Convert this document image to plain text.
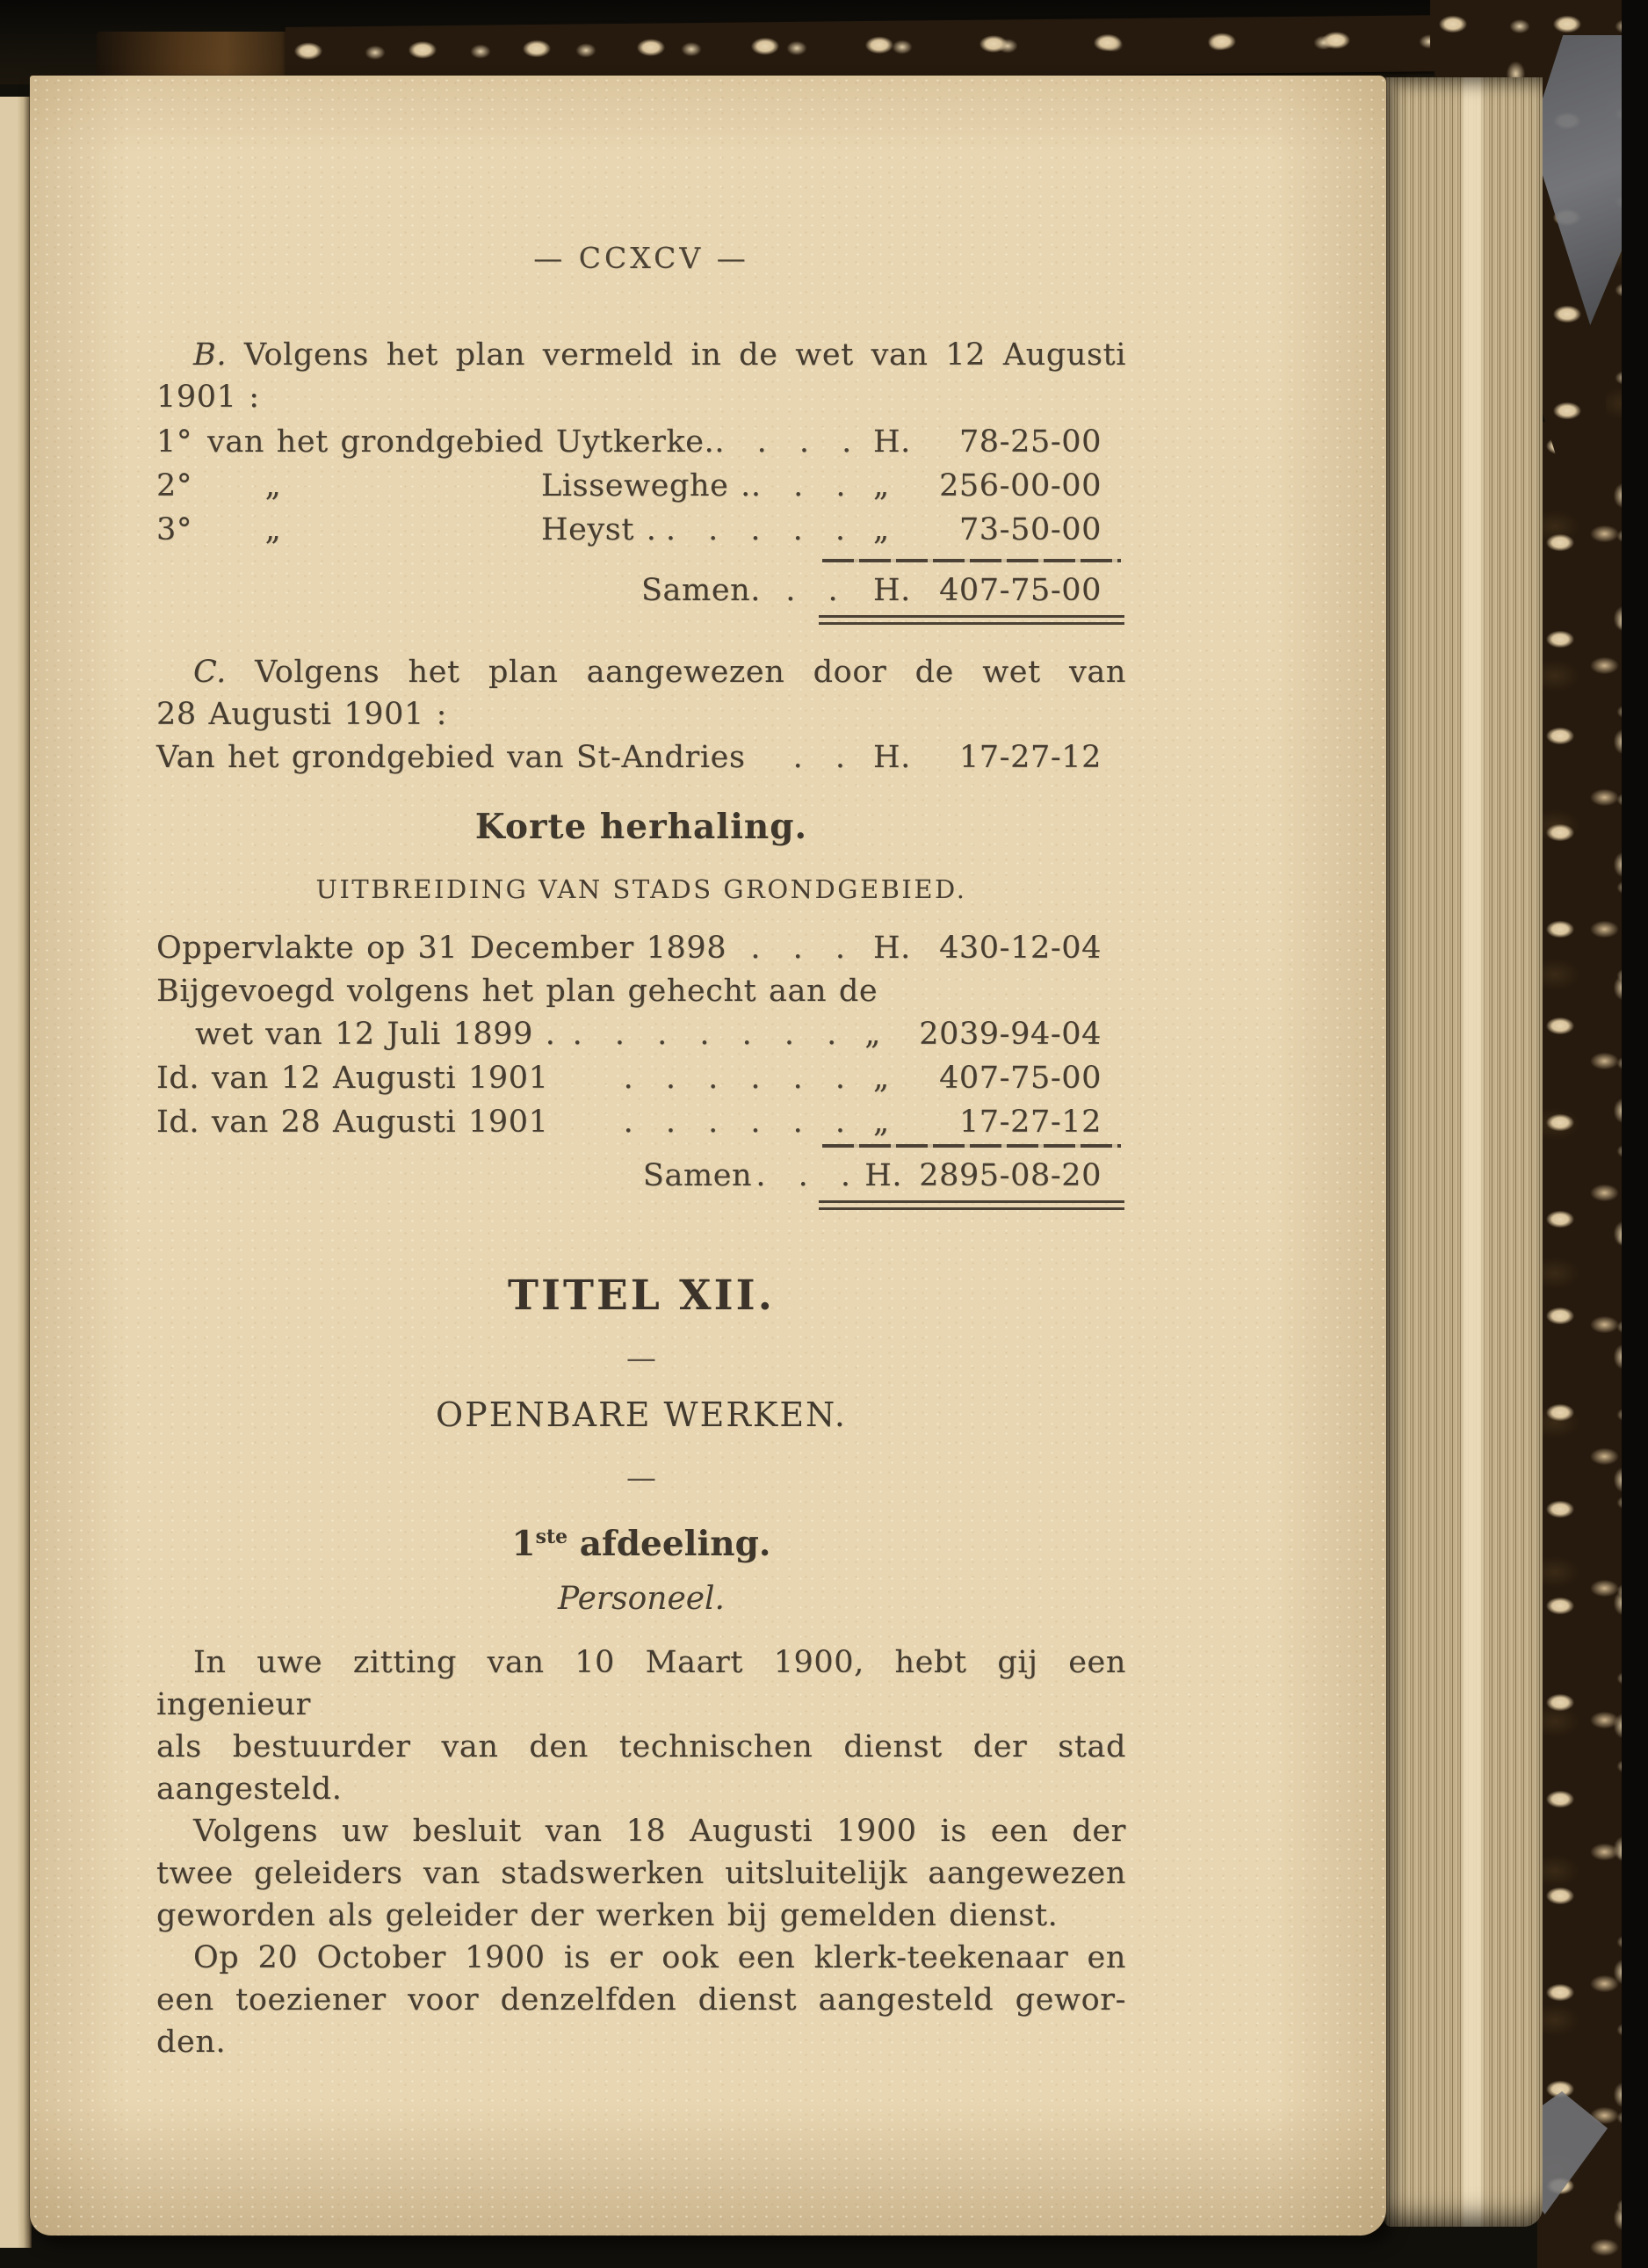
— CCXCV —
B. Volgens het plan vermeld in de wet van 12 Augusti
1901 :
1° van het grondgebied Uytkerke. . . . . H.	78-25-00
2°	„	Lisseweghe . . . . „	256-00-00
3°	„	Heyst . . . . . . „	73-50-00
Samen. . . H. 407-75-00
C. Volgens het plan aangewezen door de wet van
28 Augusti 1901 :
Van het grondgebied van St-Andries	. . H.	17-27-12
Korte herhaling.
UITBREIDING VAN STADS GRONDGEBIED.
Oppervlakte op 31 December 1898 . . . H. 430-12-04
Bijgevoegd volgens het plan gehecht aan de
wet van 12 Juli 1899 . . . . . . . . „	2039-94-04
Id. van 12 Augusti 1901	. . . . . . „	407-75-00
Id. van 28 Augusti 1901	. . . . . . „	17-27-12
Samen . . . H. 2895-08-20
TITEL XII.
—
OPENBARE WERKEN.
—
1ste afdeeling.
Personeel.
In uwe zitting van 10 Maart 1900, hebt gij een ingenieur
als bestuurder van den technischen dienst der stad
aangesteld.
Volgens uw besluit van 18 Augusti 1900 is een der
twee geleiders van stadswerken uitsluitelijk aangewezen
geworden als geleider der werken bij gemelden dienst.
Op 20 October 1900 is er ook een klerk-teekenaar en
een toeziener voor denzelfden dienst aangesteld gewor-
den.
